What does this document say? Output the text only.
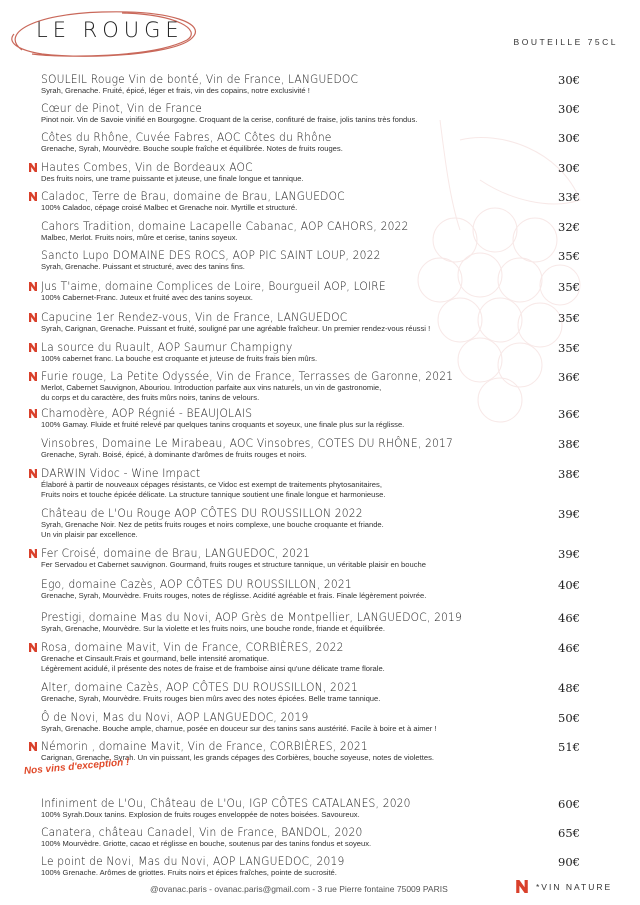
LE ROUGE	BOUTEILLE 75CL
SOULEIL Rouge Vin de bonté, Vin de France, LANGUEDOC
Syrah, Grenache. Fruité, épicé, léger et frais, vin des copains, notre exclusivité !
30€
Cœur de Pinot, Vin de France
Pinot noir. Vin de Savoie vinifié en Bourgogne. Croquant de la cerise, confituré de fraise, jolis tanins très fondus.
30€
Côtes du Rhône, Cuvée Fabres, AOC Côtes du Rhône
Grenache, Syrah, Mourvèdre. Bouche souple fraîche et équilibrée. Notes de fruits rouges.
30€
Hautes Combes, Vin de Bordeaux AOC
Des fruits noirs, une trame puissante et juteuse, une finale longue et tannique.
30€
Caladoc, Terre de Brau, domaine de Brau, LANGUEDOC
100% Caladoc, cépage croisé Malbec et Grenache noir. Myrtille et structuré.
33€
Cahors Tradition, domaine Lacapelle Cabanac, AOP CAHORS, 2022
Malbec, Merlot. Fruits noirs, mûre et cerise, tanins soyeux.
32€
Sancto Lupo DOMAINE DES ROCS, AOP PIC SAINT LOUP, 2022
Syrah, Grenache. Puissant et structuré, avec des tanins fins.
35€
Jus T'aime, domaine Complices de Loire, Bourgueil AOP, LOIRE
100% Cabernet-Franc. Juteux et fruité avec des tanins soyeux.
35€
Capucine 1er Rendez-vous, Vin de France, LANGUEDOC
Syrah, Carignan, Grenache. Puissant et fruité, souligné par une agréable fraîcheur. Un premier rendez-vous réussi !
35€
La source du Ruault, AOP Saumur Champigny
100% cabernet franc. La bouche est croquante et juteuse de fruits frais bien mûrs.
35€
Furie rouge, La Petite Odyssée, Vin de France, Terrasses de Garonne, 2021
Merlot, Cabernet Sauvignon, Abouriou. Introduction parfaite aux vins naturels, un vin de gastronomie,
du corps et du caractère, des fruits mûrs noirs, tanins de velours.
36€
Chamodère, AOP Régnié - BEAUJOLAIS
100% Gamay. Fluide et fruité relevé par quelques tanins croquants et soyeux, une finale plus sur la réglisse.
36€
Vinsobres, Domaine Le Mirabeau, AOC Vinsobres, COTES DU RHÔNE, 2017
Grenache, Syrah. Boisé, épicé, à dominante d'arômes de fruits rouges et noirs.
38€
DARWIN Vidoc - Wine Impact
Élaboré à partir de nouveaux cépages résistants, ce Vidoc est exempt de traitements phytosanitaires,
Fruits noirs et touche épicée délicate. La structure tannique soutient une finale longue et harmonieuse.
38€
Château de L'Ou Rouge AOP CÔTES DU ROUSSILLON 2022
Syrah, Grenache Noir. Nez de petits fruits rouges et noirs complexe, une bouche croquante et friande.
Un vin plaisir par excellence.
39€
Fer Croisé, domaine de Brau, LANGUEDOC, 2021
Fer Servadou et Cabernet sauvignon. Gourmand, fruits rouges et structure tannique, un véritable plaisir en bouche
39€
Ego, domaine Cazès, AOP CÔTES DU ROUSSILLON, 2021
Grenache, Syrah, Mourvèdre. Fruits rouges, notes de réglisse. Acidité agréable et frais. Finale légèrement poivrée.
40€
Prestigi, domaine Mas du Novi, AOP Grès de Montpellier, LANGUEDOC, 2019
Syrah, Grenache, Mourvèdre. Sur la violette et les fruits noirs, une bouche ronde, friande et équilibrée.
46€
Rosa, domaine Mavit, Vin de France, CORBIÈRES, 2022
Grenache et Cinsault.Frais et gourmand, belle intensité aromatique.
Légèrement acidulé, il présente des notes de fraise et de framboise ainsi qu'une délicate trame florale.
46€
Alter, domaine Cazès, AOP CÔTES DU ROUSSILLON, 2021
Grenache, Syrah, Mourvèdre. Fruits rouges bien mûrs avec des notes épicées. Belle trame tannique.
48€
Ô de Novi, Mas du Novi, AOP LANGUEDOC, 2019
Syrah, Grenache. Bouche ample, charnue, posée en douceur sur des tanins sans austérité. Facile à boire et à aimer !
50€
Némorin , domaine Mavit, Vin de France, CORBIÈRES, 2021
Carignan, Grenache, Syrah. Un vin puissant, les grands cépages des Corbières, bouche soyeuse, notes de violettes.
51€
Infiniment de L'Ou, Château de L'Ou, IGP CÔTES CATALANES, 2020
100% Syrah.Doux tanins. Explosion de fruits rouges enveloppée de notes boisées. Savoureux.
60€
Canatera, château Canadel, Vin de France, BANDOL, 2020
100% Mourvèdre. Griotte, cacao et réglisse en bouche, soutenus par des tanins fondus et soyeux.
65€
Le point de Novi, Mas du Novi, AOP LANGUEDOC, 2019
100% Grenache. Arômes de griottes. Fruits noirs et épices fraîches, pointe de sucrosité.
90€
Nos vins d'exception !
@ovanac.paris - ovanac.paris@gmail.com - 3 rue Pierre fontaine 75009 PARIS	*VIN NATURE
